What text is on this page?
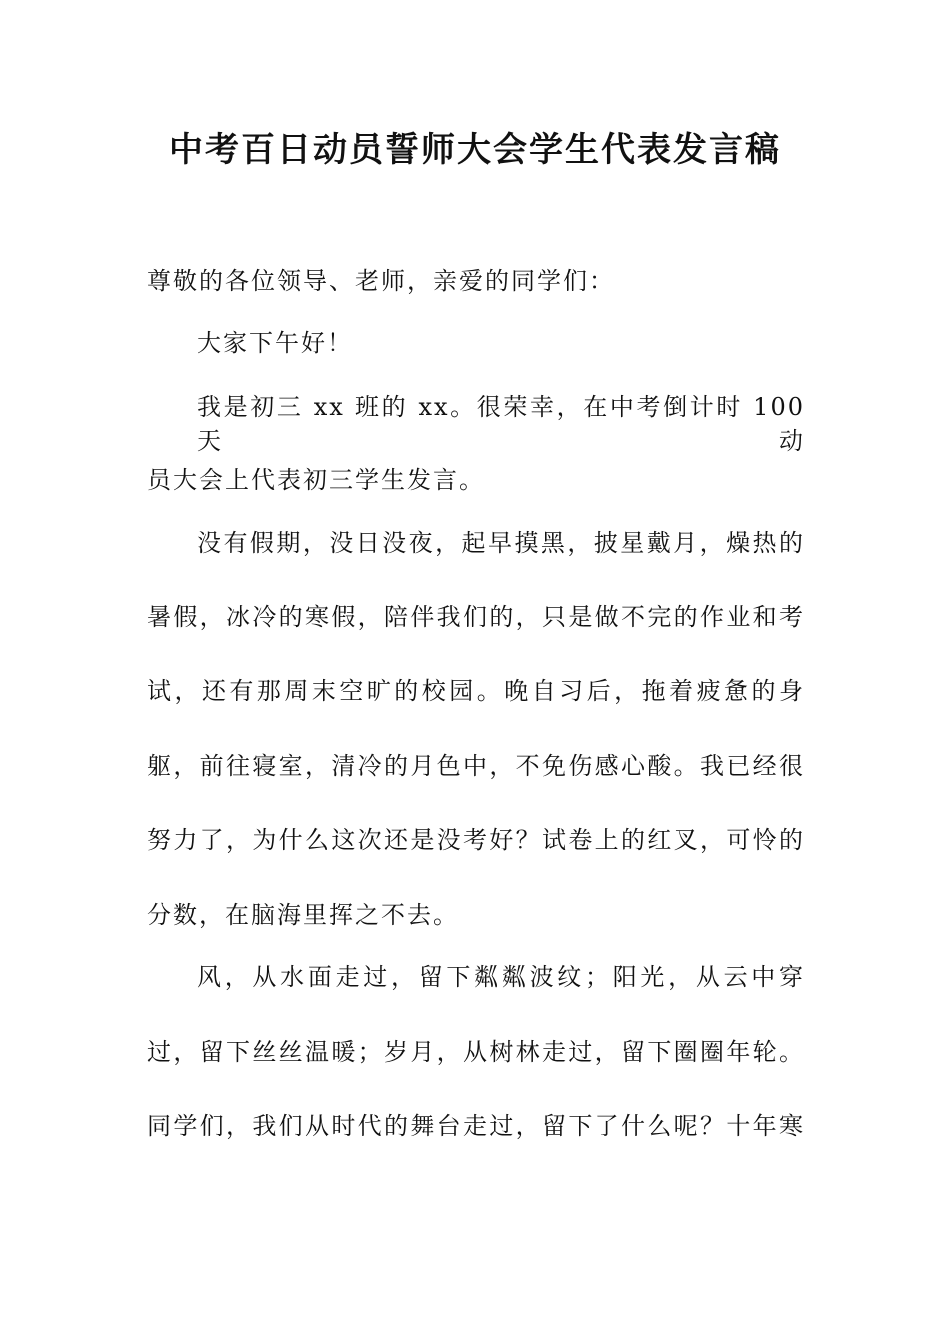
中考百日动员誓师大会学生代表发言稿
尊敬的各位领导、老师，亲爱的同学们：
大家下午好！
我是初三 xx 班的 xx。很荣幸，在中考倒计时 100 天动
员大会上代表初三学生发言。
没有假期，没日没夜，起早摸黑，披星戴月，燥热的
暑假，冰冷的寒假，陪伴我们的，只是做不完的作业和考
试，还有那周末空旷的校园。晚自习后，拖着疲惫的身
躯，前往寝室，清冷的月色中，不免伤感心酸。我已经很
努力了，为什么这次还是没考好？试卷上的红叉，可怜的
分数，在脑海里挥之不去。
风，从水面走过，留下粼粼波纹；阳光，从云中穿
过，留下丝丝温暖；岁月，从树林走过，留下圈圈年轮。
同学们，我们从时代的舞台走过，留下了什么呢？十年寒
